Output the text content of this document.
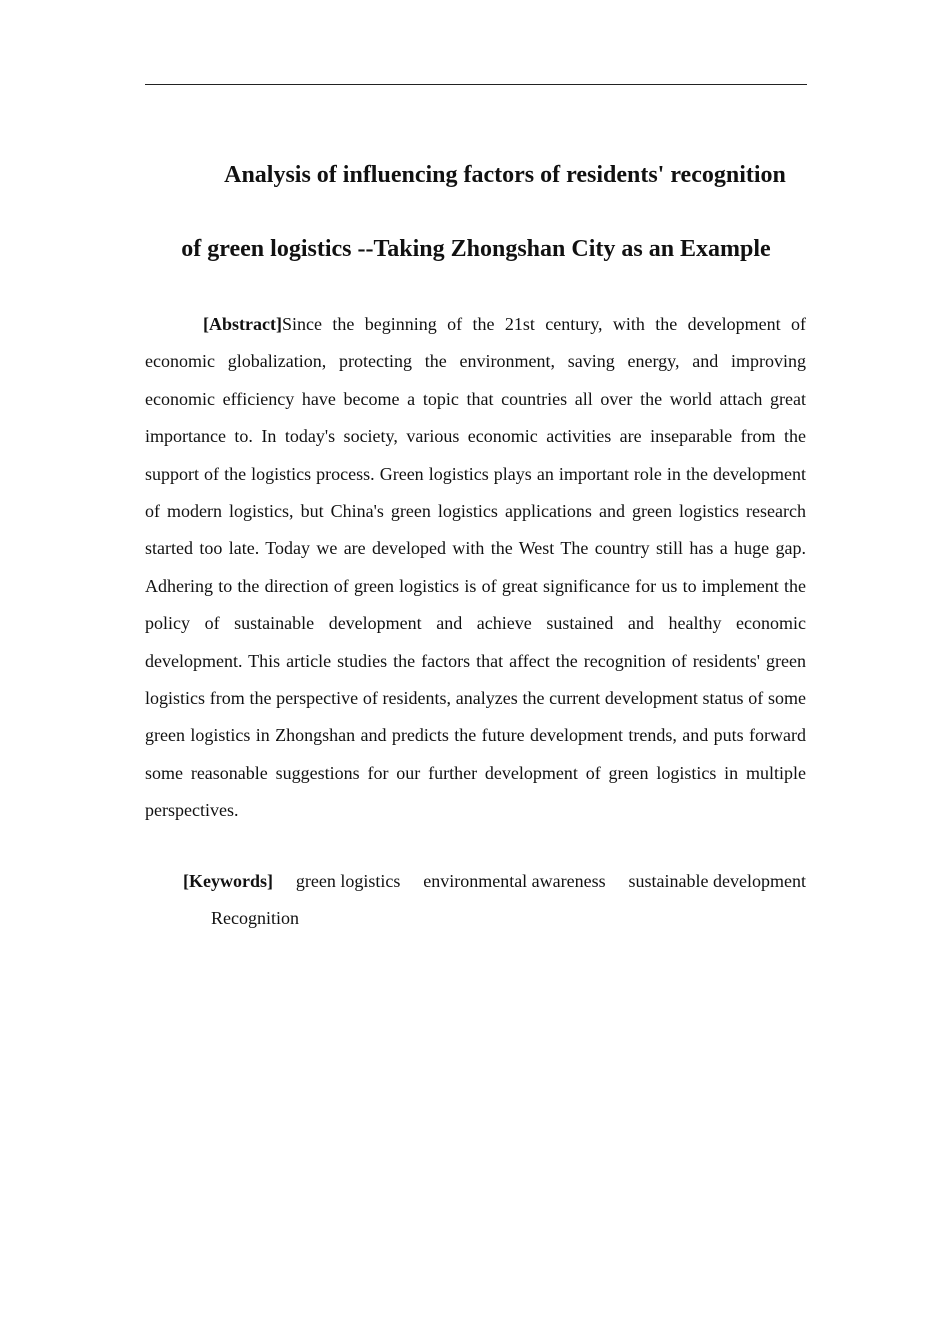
Analysis of influencing factors of residents' recognition
of green logistics --Taking Zhongshan City as an Example

[Abstract]Since the beginning of the 21st century, with the development of economic globalization, protecting the environment, saving energy, and improving economic efficiency have become a topic that countries all over the world attach great importance to. In today's society, various economic activities are inseparable from the support of the logistics process. Green logistics plays an important role in the development of modern logistics, but China's green logistics applications and green logistics research started too late. Today we are developed with the West The country still has a huge gap. Adhering to the direction of green logistics is of great significance for us to implement the policy of sustainable development and achieve sustained and healthy economic development. This article studies the factors that affect the recognition of residents' green logistics from the perspective of residents, analyzes the current development status of some green logistics in Zhongshan and predicts the future development trends, and puts forward some reasonable suggestions for our further development of green logistics in multiple perspectives.

[Keywords] green logistics environmental awareness sustainable development
Recognition
